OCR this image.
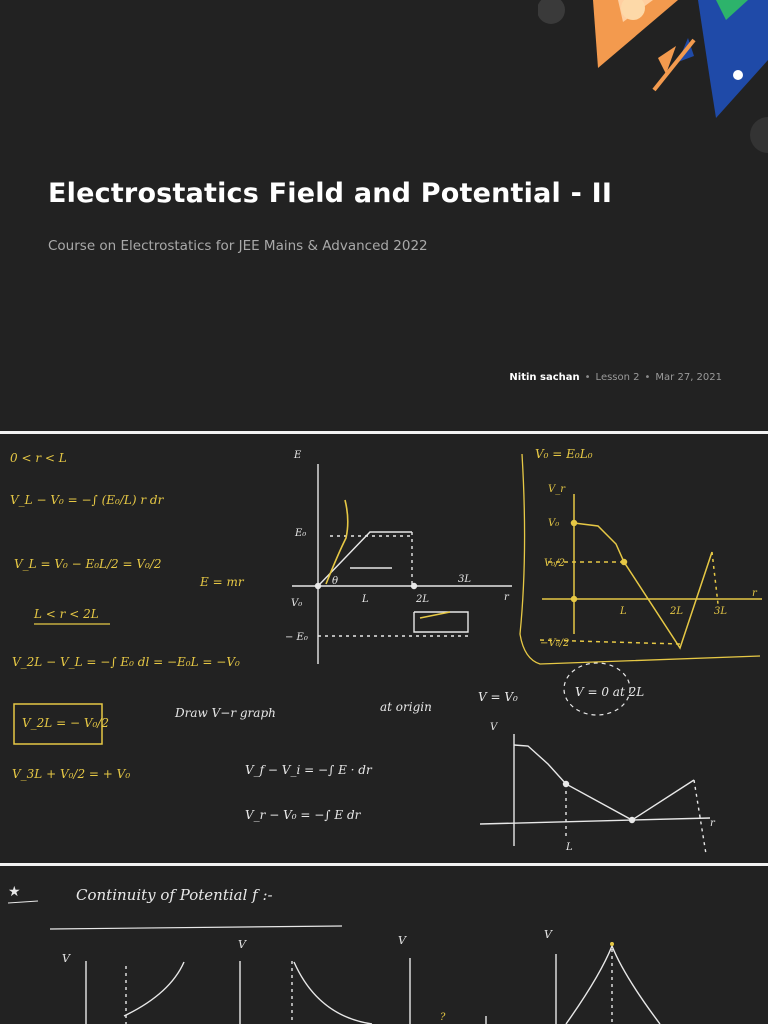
Electrostatics Field and Potential - II

Course on Electrostatics for JEE Mains & Advanced 2022

Nitin sachan • Lesson 2 • Mar 27, 2021
0 < r < L
V_L − V₀ = −∫ (E₀/L) r dr
V_L = V₀ − E₀L/2 = V₀/2
L < r < 2L
V_2L − V_L = −∫ E₀ dl = −E₀L = −V₀
V_2L = − V₀/2
V_3L + V₀/2 = + V₀
E = mr
V₀ = E₀L₀
Draw V−r graph	at origin
V = V₀	V = 0 at 2L
V_f − V_i = −∫ E · dr
V_r − V₀ = −∫ E dr
E
E₀
− E₀
V₀	L	2L
3L
r
θ
V_r
V₀
V₀/2
−V₀/2
L	2L	3L
r
V
L
r
★	Continuity of Potential f :-
V
V	V	V
?
